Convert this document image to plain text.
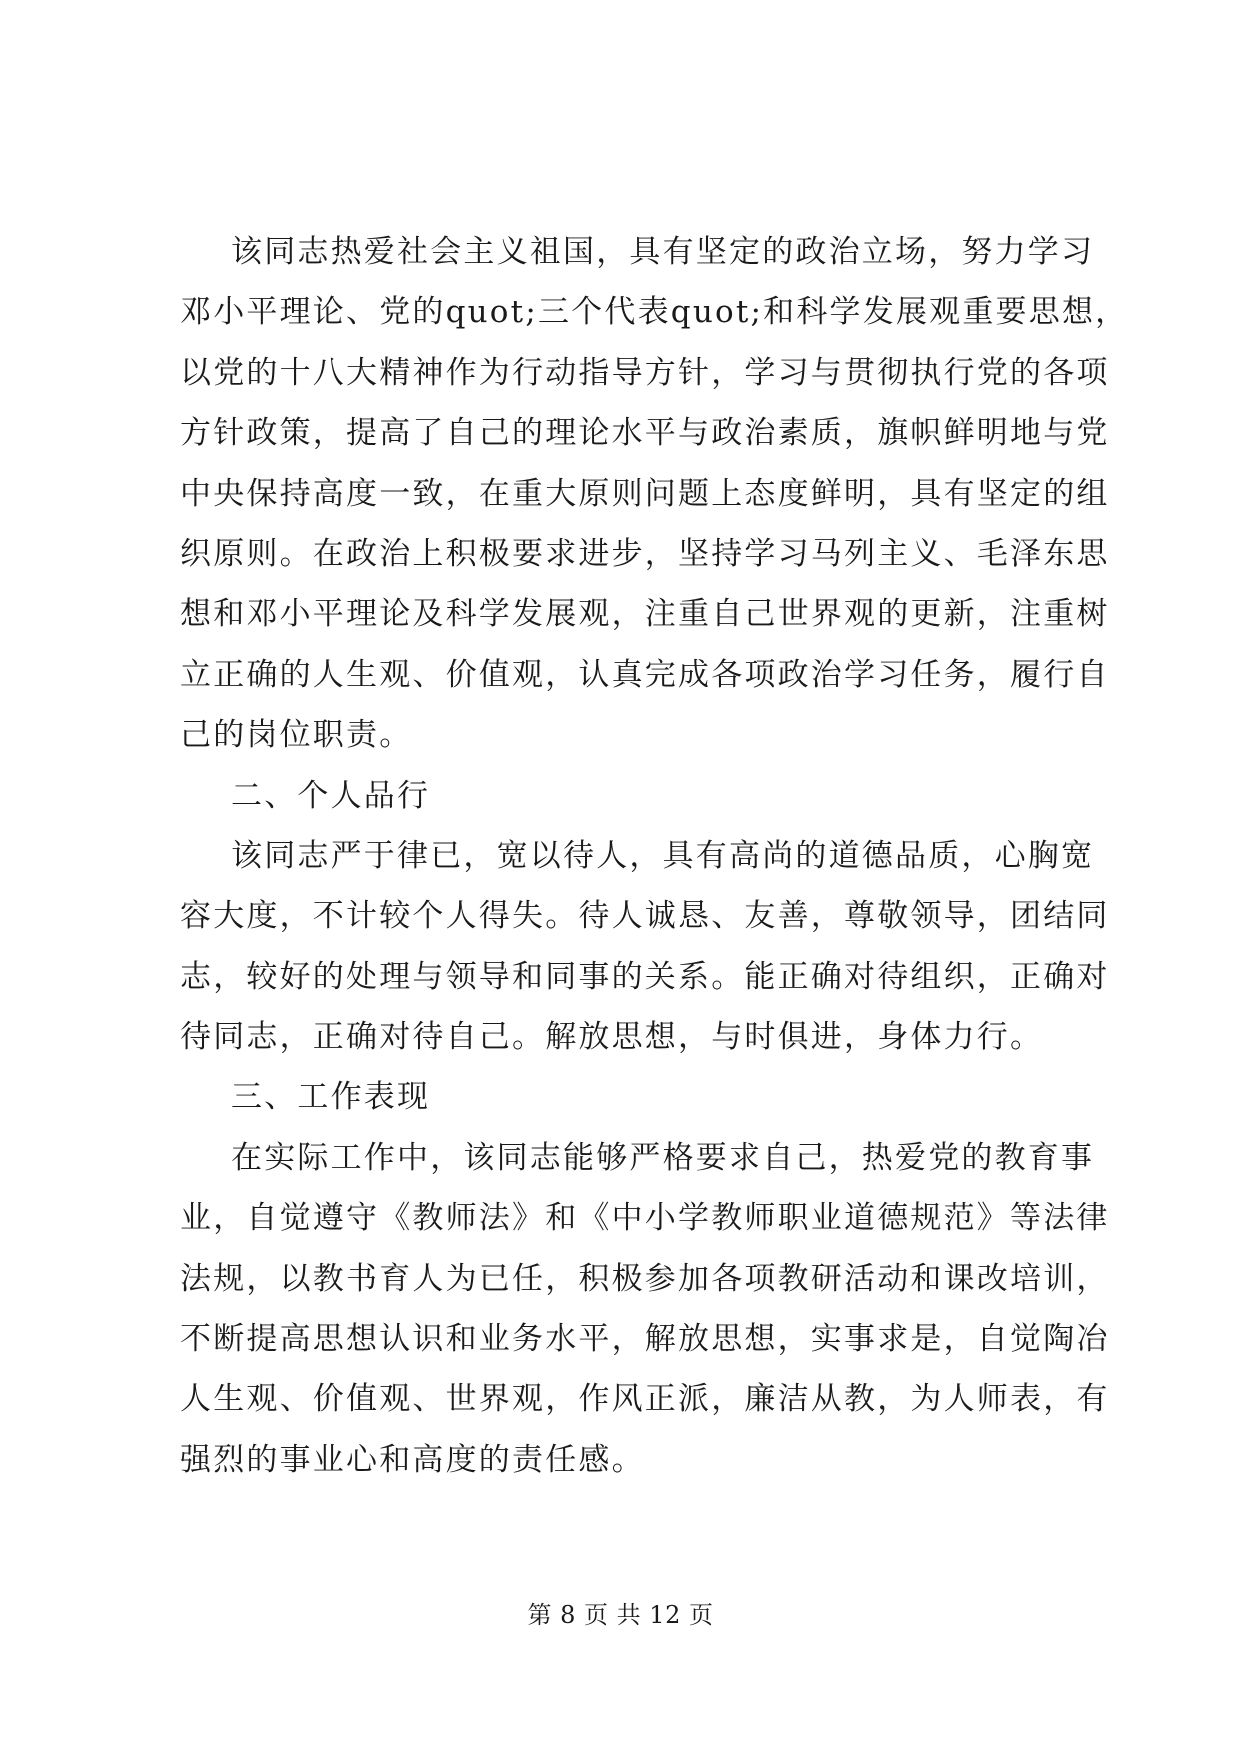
该同志热爱社会主义祖国，具有坚定的政治立场，努力学习
邓小平理论、党的quot;三个代表quot;和科学发展观重要思想，
以党的十八大精神作为行动指导方针，学习与贯彻执行党的各项
方针政策，提高了自己的理论水平与政治素质，旗帜鲜明地与党
中央保持高度一致，在重大原则问题上态度鲜明，具有坚定的组
织原则。在政治上积极要求进步，坚持学习马列主义、毛泽东思
想和邓小平理论及科学发展观，注重自己世界观的更新，注重树
立正确的人生观、价值观，认真完成各项政治学习任务，履行自
己的岗位职责。
二、个人品行
该同志严于律已，宽以待人，具有高尚的道德品质，心胸宽
容大度，不计较个人得失。待人诚恳、友善，尊敬领导，团结同
志，较好的处理与领导和同事的关系。能正确对待组织，正确对
待同志，正确对待自己。解放思想，与时俱进，身体力行。
三、工作表现
在实际工作中，该同志能够严格要求自己，热爱党的教育事
业，自觉遵守《教师法》和《中小学教师职业道德规范》等法律
法规，以教书育人为已任，积极参加各项教研活动和课改培训，
不断提高思想认识和业务水平，解放思想，实事求是，自觉陶冶
人生观、价值观、世界观，作风正派，廉洁从教，为人师表，有
强烈的事业心和高度的责任感。
第 8 页 共 12 页
